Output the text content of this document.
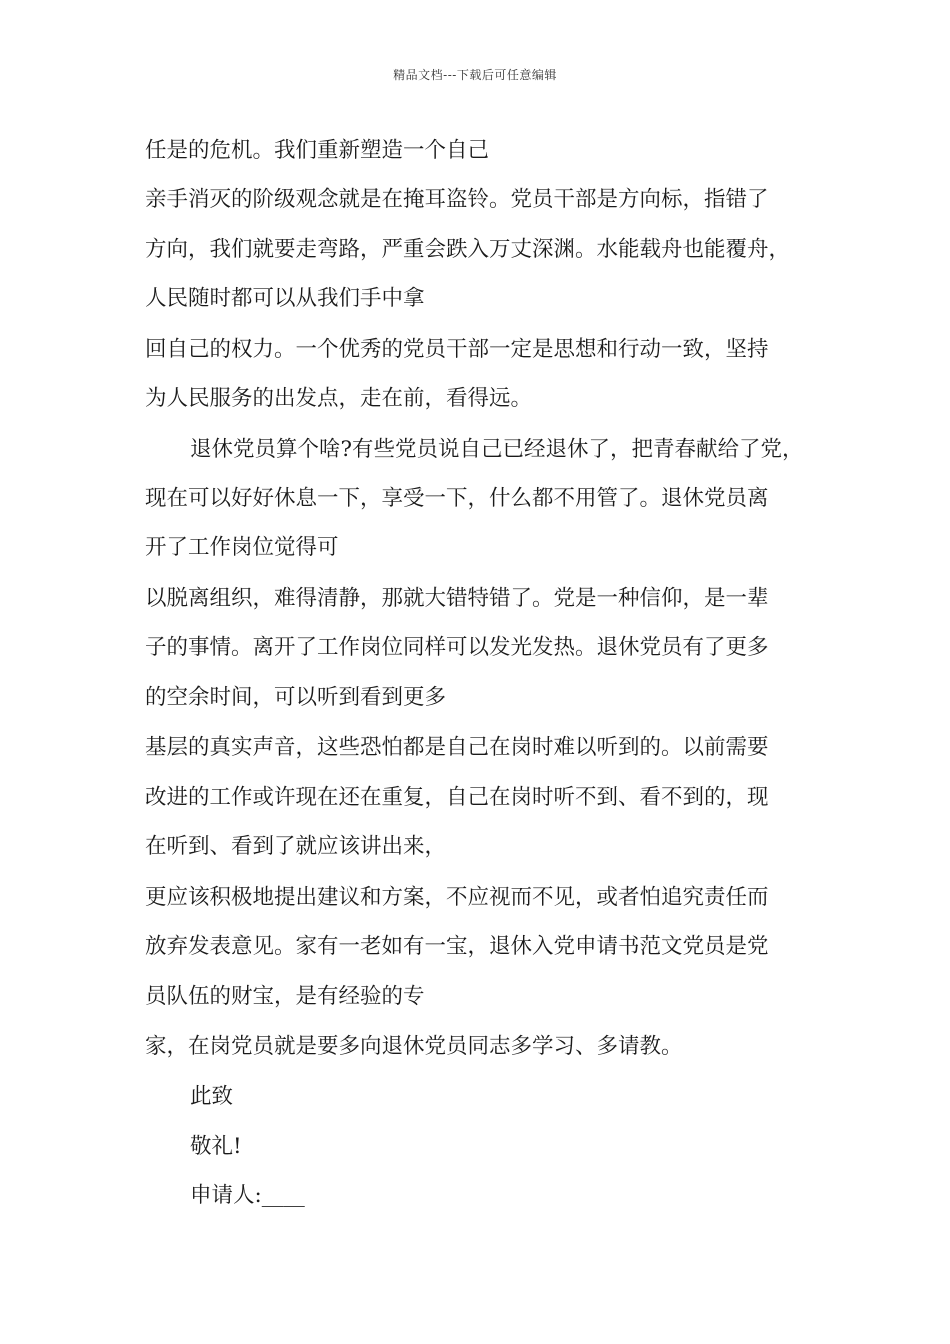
精品文档---下载后可任意编辑
任是的危机。我们重新塑造一个自己
亲手消灭的阶级观念就是在掩耳盗铃。党员干部是方向标，指错了
方向，我们就要走弯路，严重会跌入万丈深渊。水能载舟也能覆舟，
人民随时都可以从我们手中拿
回自己的权力。一个优秀的党员干部一定是思想和行动一致，坚持
为人民服务的出发点，走在前，看得远。
退休党员算个啥?有些党员说自己已经退休了，把青春献给了党，
现在可以好好休息一下，享受一下，什么都不用管了。退休党员离
开了工作岗位觉得可
以脱离组织，难得清静，那就大错特错了。党是一种信仰，是一辈
子的事情。离开了工作岗位同样可以发光发热。退休党员有了更多
的空余时间，可以听到看到更多
基层的真实声音，这些恐怕都是自己在岗时难以听到的。以前需要
改进的工作或许现在还在重复，自己在岗时听不到、看不到的，现
在听到、看到了就应该讲出来，
更应该积极地提出建议和方案，不应视而不见，或者怕追究责任而
放弃发表意见。家有一老如有一宝，退休入党申请书范文党员是党
员队伍的财宝，是有经验的专
家，在岗党员就是要多向退休党员同志多学习、多请教。
此致
敬礼!
申请人:____
